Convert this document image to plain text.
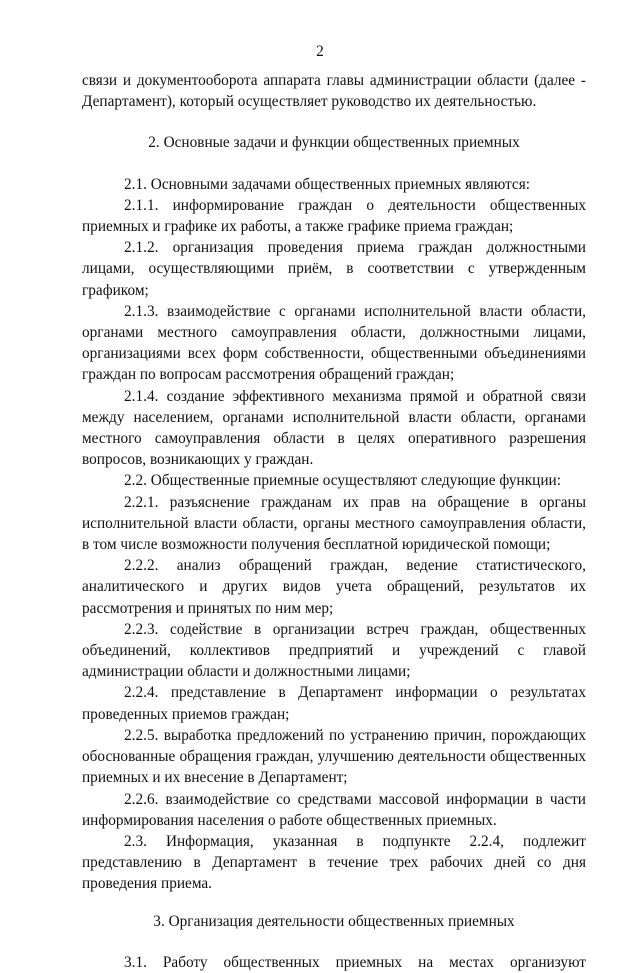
2

связи и документооборота аппарата главы администрации области (далее - Департамент), который осуществляет руководство их деятельностью.

2. Основные задачи и функции общественных приемных

2.1. Основными задачами общественных приемных являются:

2.1.1. информирование граждан о деятельности общественных приемных и графике их работы, а также графике приема граждан;

2.1.2. организация проведения приема граждан должностными лицами, осуществляющими приём, в соответствии с утвержденным графиком;

2.1.3. взаимодействие с органами исполнительной власти области, органами местного самоуправления области, должностными лицами, организациями всех форм собственности, общественными объединениями граждан по вопросам рассмотрения обращений граждан;

2.1.4. создание эффективного механизма прямой и обратной связи между населением, органами исполнительной власти области, органами местного самоуправления области в целях оперативного разрешения вопросов, возникающих у граждан.

2.2. Общественные приемные осуществляют следующие функции:

2.2.1. разъяснение гражданам их прав на обращение в органы исполнительной власти области, органы местного самоуправления области, в том числе возможности получения бесплатной юридической помощи;

2.2.2. анализ обращений граждан, ведение статистического, аналитического и других видов учета обращений, результатов их рассмотрения и принятых по ним мер;

2.2.3. содействие в организации встреч граждан, общественных объединений, коллективов предприятий и учреждений с главой администрации области и должностными лицами;

2.2.4. представление в Департамент информации о результатах проведенных приемов граждан;

2.2.5. выработка предложений по устранению причин, порождающих обоснованные обращения граждан, улучшению деятельности общественных приемных и их внесение в Департамент;

2.2.6. взаимодействие со средствами массовой информации в части информирования населения о работе общественных приемных.

2.3. Информация, указанная в подпункте 2.2.4, подлежит представлению в Департамент в течение трех рабочих дней со дня проведения приема.

3. Организация деятельности общественных приемных

3.1. Работу общественных приемных на местах организуют
